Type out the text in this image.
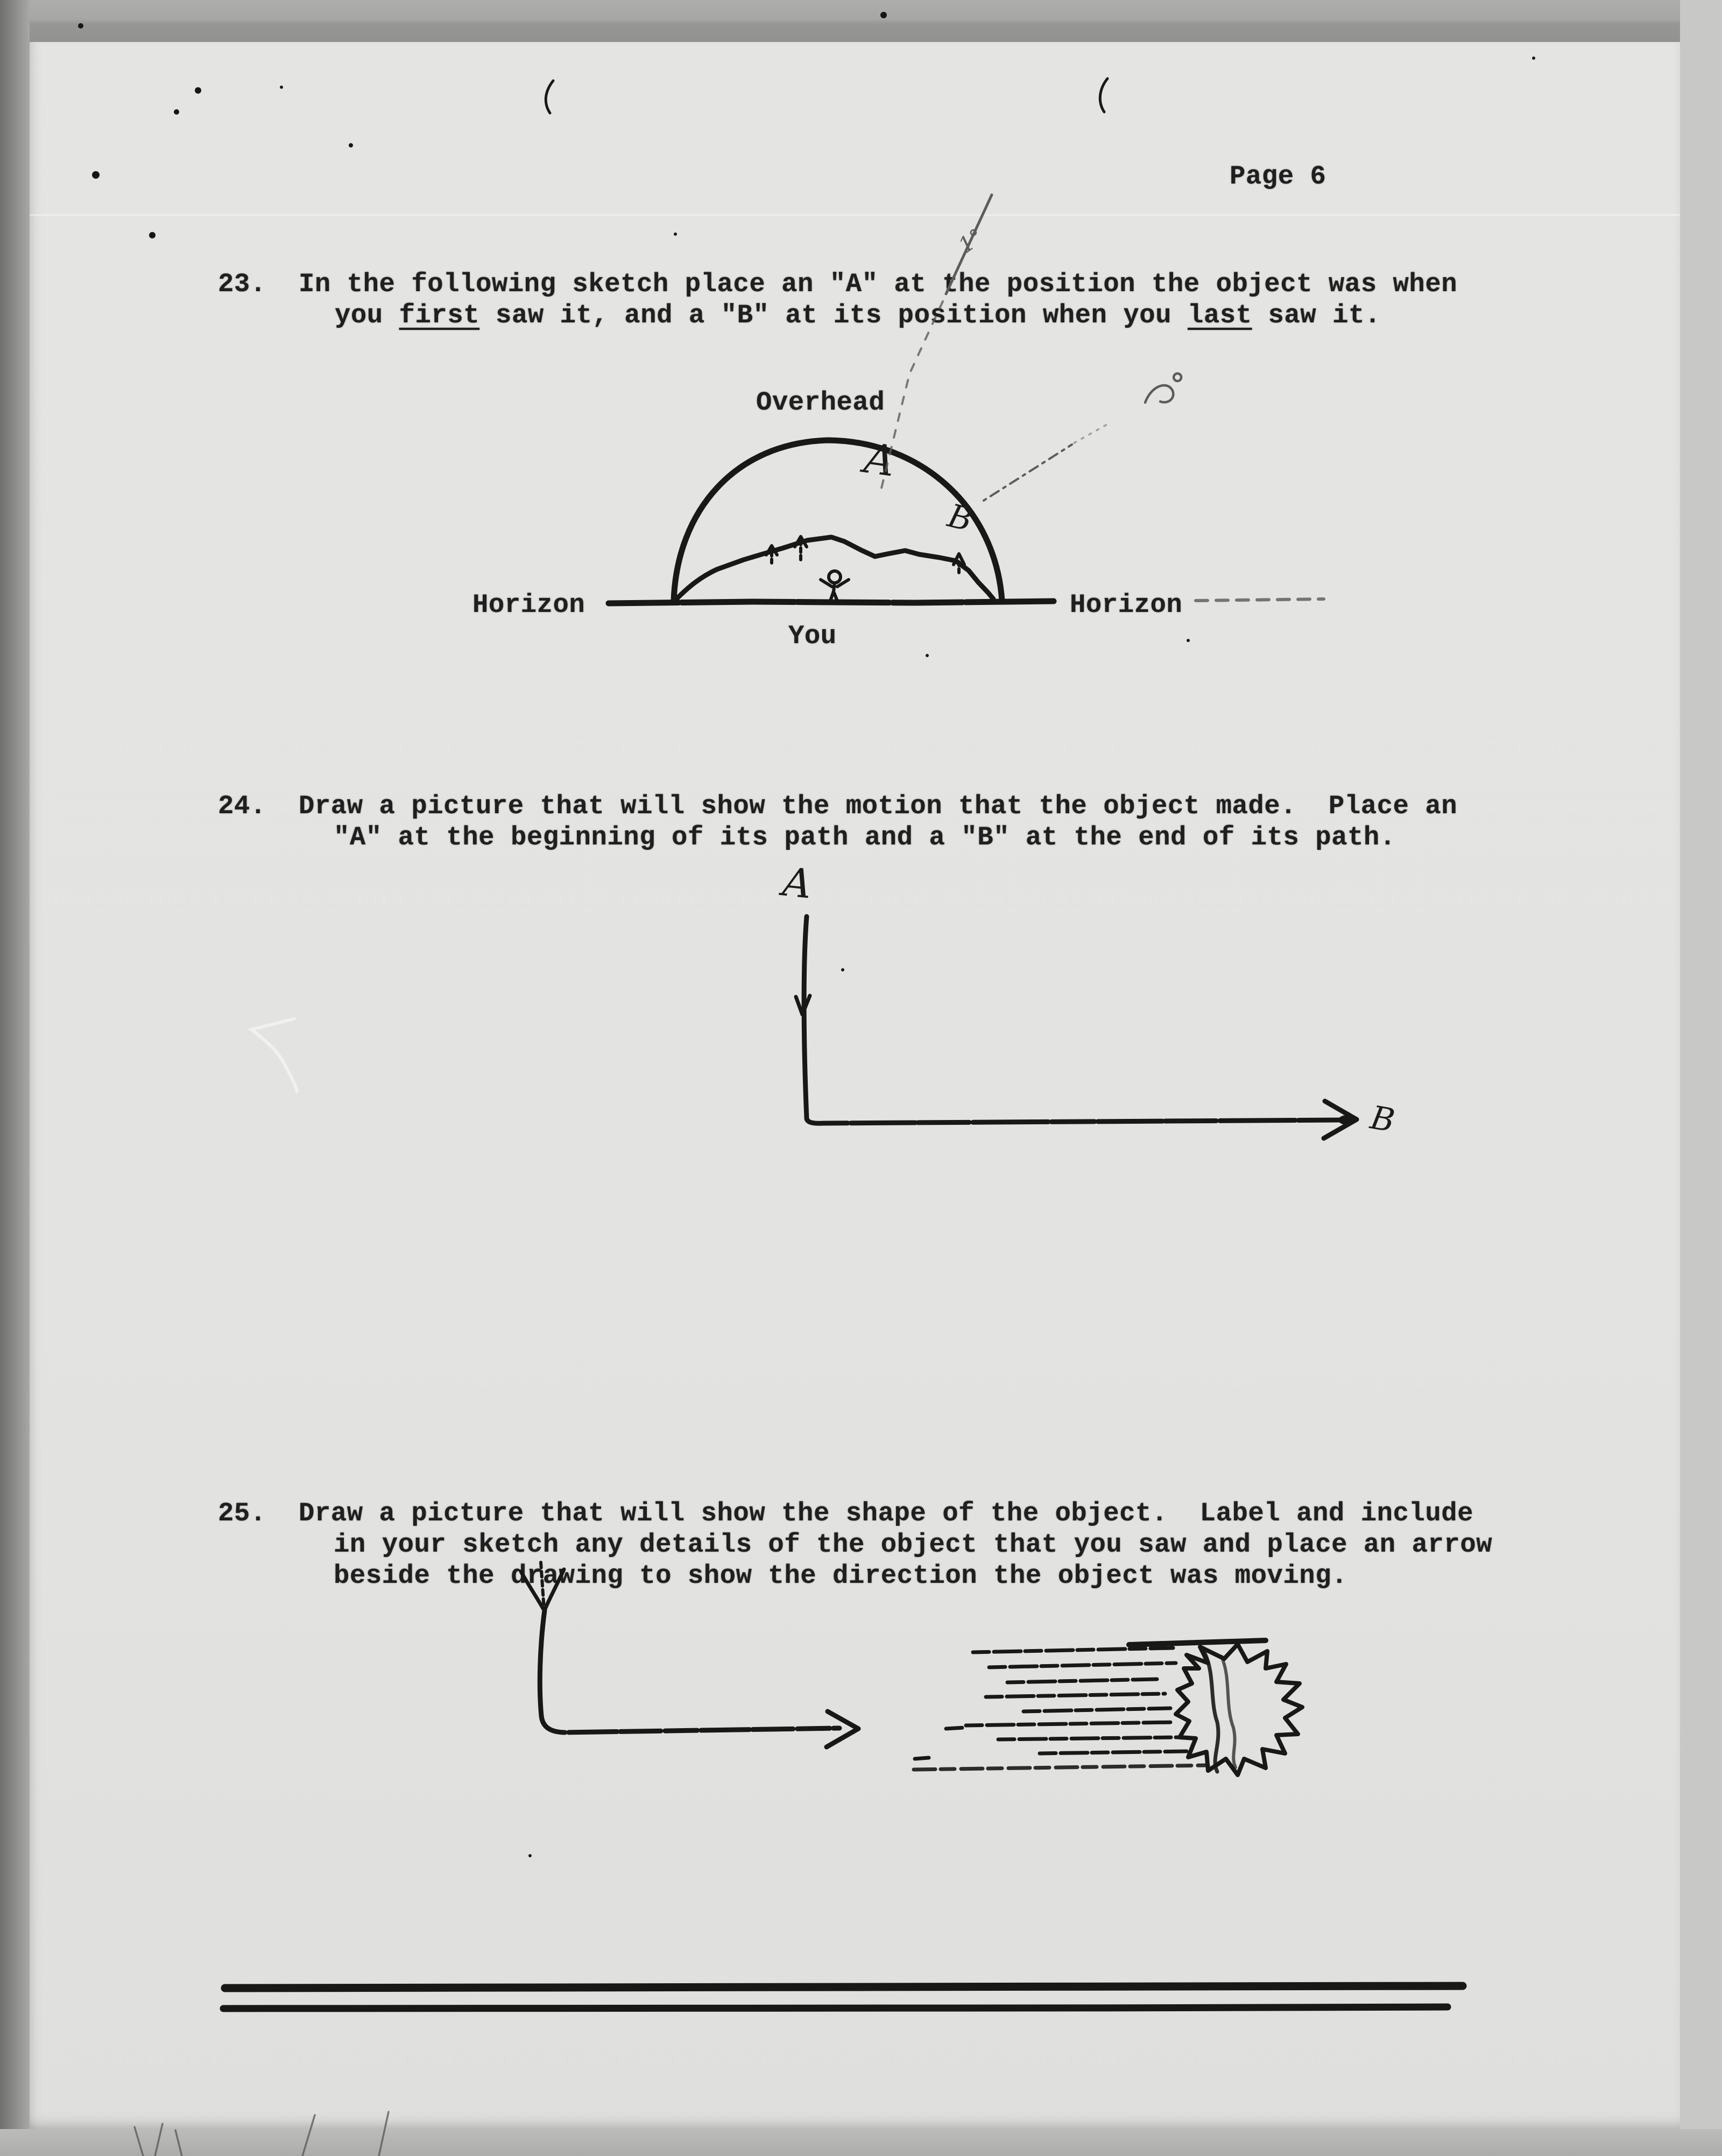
Page 6
23. In the following sketch place an "A" at the position the object was when
you first saw it, and a "B" at its position when you last saw it.
Overhead
Horizon	Horizon
You
24. Draw a picture that will show the motion that the object made.  Place an
"A" at the beginning of its path and a "B" at the end of its path.
25. Draw a picture that will show the shape of the object.  Label and include
in your sketch any details of the object that you saw and place an arrow
beside the drawing to show the direction the object was moving.
A
B
1°
A
B
